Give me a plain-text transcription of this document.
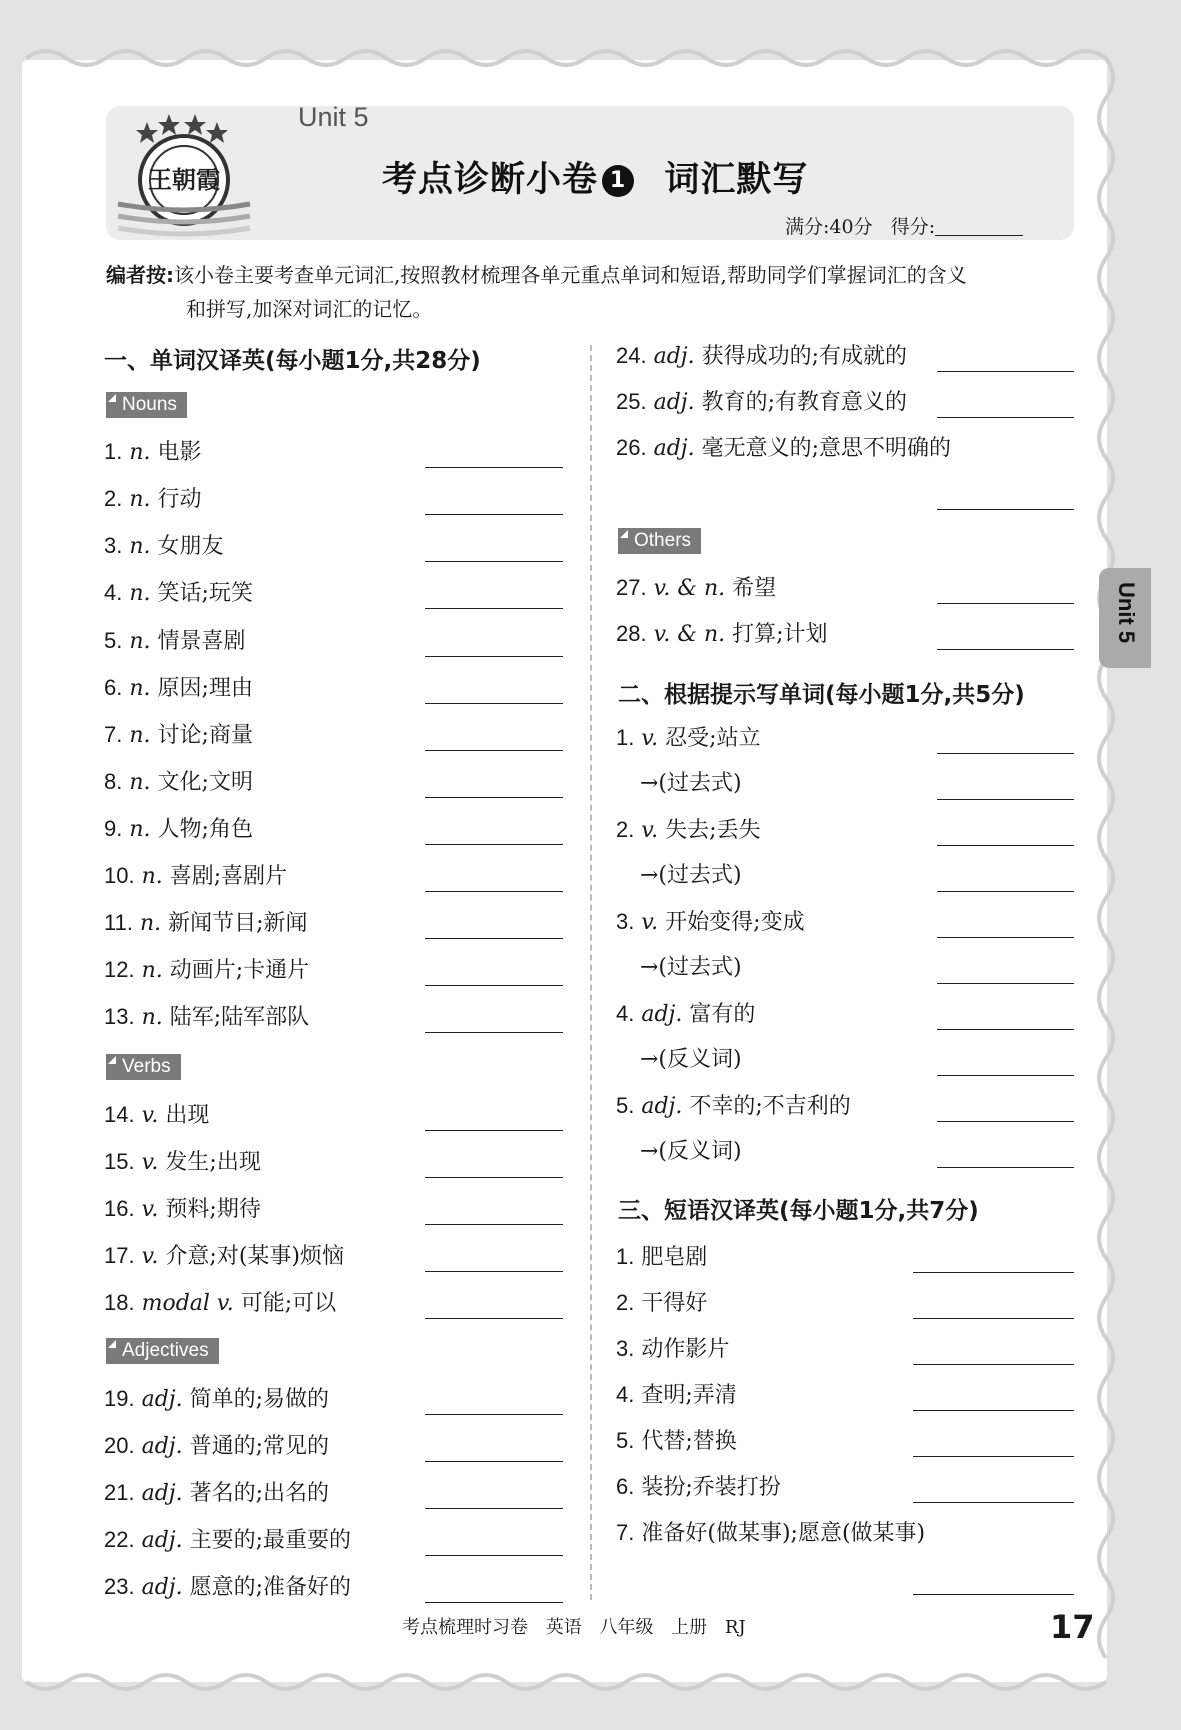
王朝霞
Unit 5
考点诊断小卷 1 词汇默写
满分:40分 得分:
编者按:该小卷主要考查单元词汇,按照教材梳理各单元重点单词和短语,帮助同学们掌握词汇的含义
和拼写,加深对词汇的记忆。
一、单词汉译英(每小题1分,共28分)
Nouns
Verbs
Adjectives
Others
二、根据提示写单词(每小题1分,共5分)
三、短语汉译英(每小题1分,共7分)
1. n. 电影
2. n. 行动
3. n. 女朋友
4. n. 笑话;玩笑
5. n. 情景喜剧
6. n. 原因;理由
7. n. 讨论;商量
8. n. 文化;文明
9. n. 人物;角色
10. n. 喜剧;喜剧片
11. n. 新闻节目;新闻
12. n. 动画片;卡通片
13. n. 陆军;陆军部队
14. v. 出现
15. v. 发生;出现
16. v. 预料;期待
17. v. 介意;对(某事)烦恼
18. modal v. 可能;可以
19. adj. 简单的;易做的
20. adj. 普通的;常见的
21. adj. 著名的;出名的
22. adj. 主要的;最重要的
23. adj. 愿意的;准备好的
24. adj. 获得成功的;有成就的
25. adj. 教育的;有教育意义的
26. adj. 毫无意义的;意思不明确的
27. v. & n. 希望
28. v. & n. 打算;计划
1. v. 忍受;站立
→(过去式)
2. v. 失去;丢失
→(过去式)
3. v. 开始变得;变成
→(过去式)
4. adj. 富有的
→(反义词)
5. adj. 不幸的;不吉利的
→(反义词)
1. 肥皂剧
2. 干得好
3. 动作影片
4. 查明;弄清
5. 代替;替换
6. 装扮;乔装打扮
7. 准备好(做某事);愿意(做某事)
Unit 5
考点梳理时习卷 英语 八年级 上册 RJ	17
